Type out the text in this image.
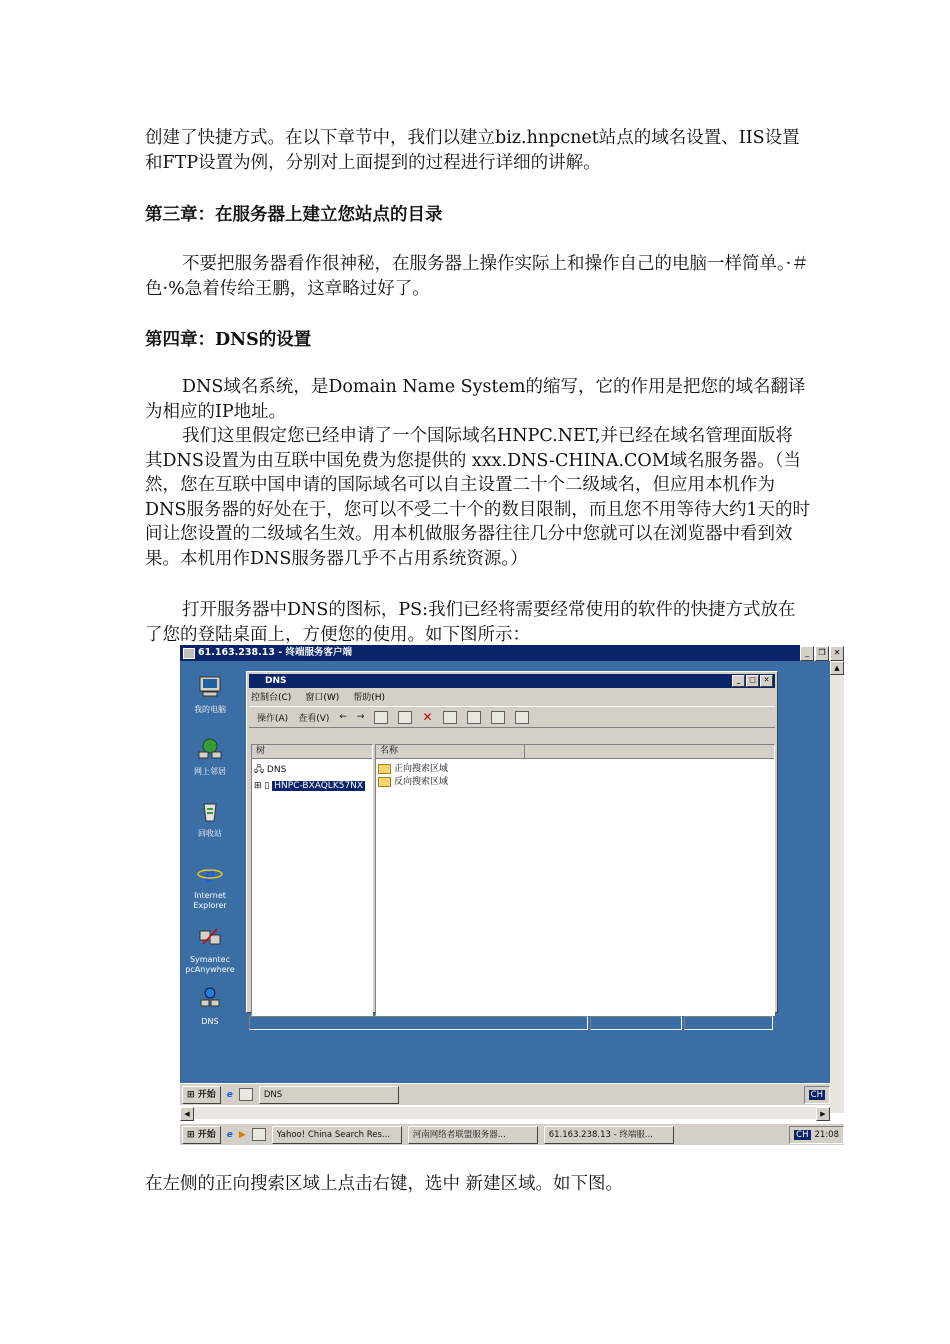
创建了快捷方式。在以下章节中，我们以建立biz.hnpcnet站点的域名设置、IIS设置和FTP设置为例，分别对上面提到的过程进行详细的讲解。

第三章：在服务器上建立您站点的目录

不要把服务器看作很神秘，在服务器上操作实际上和操作自己的电脑一样简单。·＃色·%急着传给王鹏，这章略过好了。

第四章：DNS的设置

DNS域名系统，是Domain Name System的缩写，它的作用是把您的域名翻译为相应的IP地址。

我们这里假定您已经申请了一个国际域名HNPC.NET,并已经在域名管理面版将其DNS设置为由互联中国免费为您提供的 xxx.DNS-CHINA.COM域名服务器。（当然，您在互联中国申请的国际域名可以自主设置二十个二级域名，但应用本机作为DNS服务器的好处在于，您可以不受二十个的数目限制，而且您不用等待大约1天的时间让您设置的二级域名生效。用本机做服务器往往几分中您就可以在浏览器中看到效果。本机用作DNS服务器几乎不占用系统资源。）

打开服务器中DNS的图标，PS:我们已经将需要经常使用的软件的快捷方式放在了您的登陆桌面上，方便您的使用。如下图所示：

61.163.238.13 - 终端服务客户端	_	❐	✕
我的电脑
网上邻居
回收站
e
Internet Explorer
Symantec pcAnywhere
DNS
DNS	_	□	✕
控制台(C) 窗口(W) 帮助(H)
操作(A) 查看(V) ← →	✕
树
🖧 DNS
⊞ ▯ HNPC-BXAQLK57NX
名称
正向搜索区域
反向搜索区域
⊞ 开始	e	DNS	CH
▲
◀	▶
⊞ 开始	e ▶	Yahoo! China Search Res...	河南网络者联盟服务器...	61.163.238.13 - 终端服...	CH 21:08

在左侧的正向搜索区域上点击右键，选中 新建区域。如下图。
